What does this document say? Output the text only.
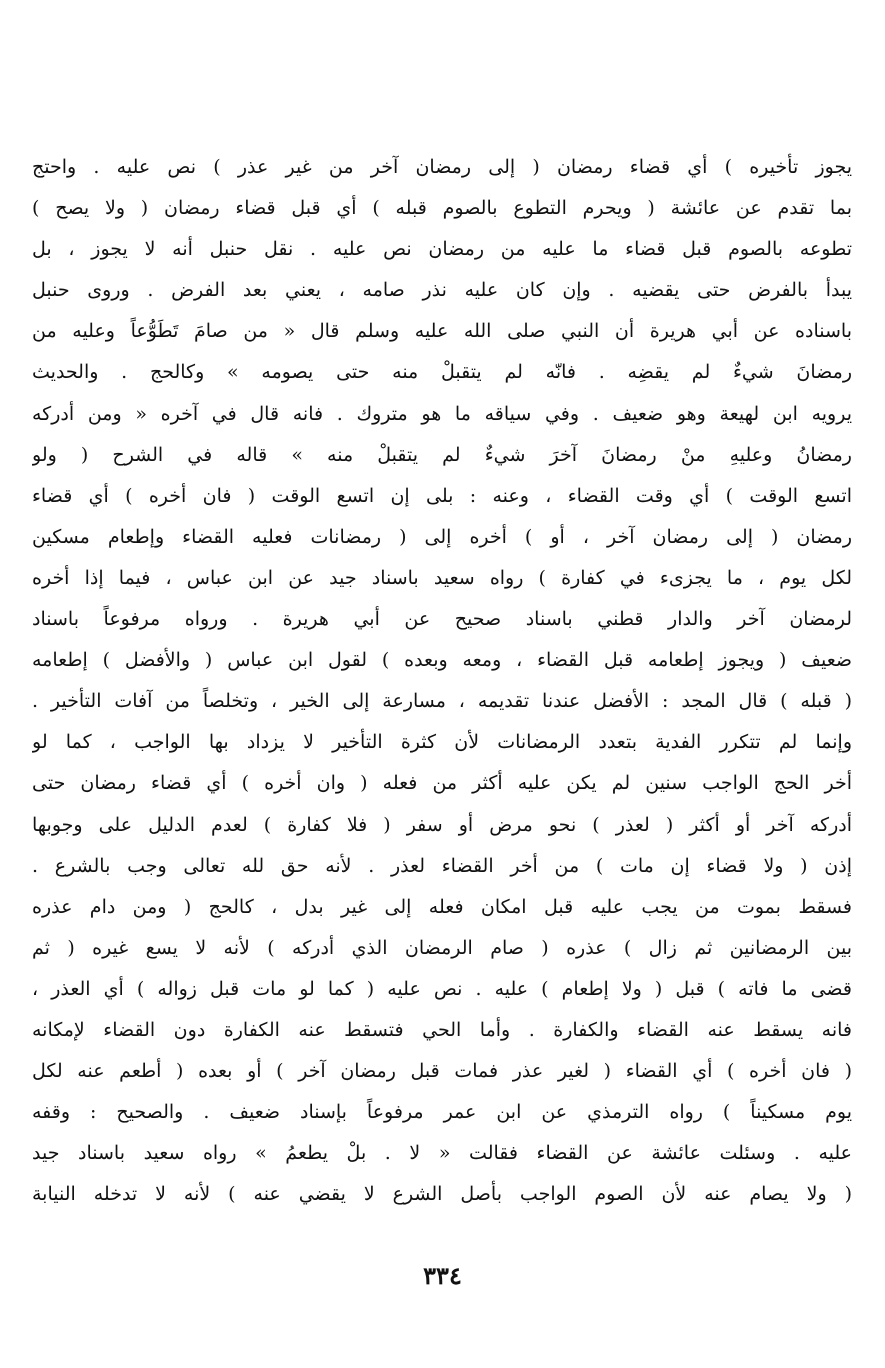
يجوز تأخيره ) أي قضاء رمضان ( إلى رمضان آخر من غير عذر ) نص عليه . واحتج
بما تقدم عن عائشة ( ويحرم التطوع بالصوم قبله ) أي قبل قضاء رمضان ( ولا يصح )
تطوعه بالصوم قبل قضاء ما عليه من رمضان نص عليه . نقل حنبل أنه لا يجوز ، بل
يبدأ بالفرض حتى يقضيه . وإن كان عليه نذر صامه ، يعني بعد الفرض . وروى حنبل
باسناده عن أبي هريرة أن النبي صلى الله عليه وسلم قال « من صامَ تَطَوُّعاً وعليه من
رمضانَ شيءٌ لم يقضِه . فانّه لم يتقبلْ منه حتى يصومه » وكالحج . والحديث
يرويه ابن لهيعة وهو ضعيف . وفي سياقه ما هو متروك . فانه قال في آخره « ومن أدركه
رمضانُ وعليهِ منْ رمضانَ آخرَ شيءٌ لم يتقبلْ منه » قاله في الشرح ( ولو
اتسع الوقت ) أي وقت القضاء ، وعنه : بلى إن اتسع الوقت ( فان أخره ) أي قضاء
رمضان ( إلى رمضان آخر ، أو ) أخره إلى ( رمضانات فعليه القضاء وإطعام مسكين
لكل يوم ، ما يجزىء في كفارة ) رواه سعيد باسناد جيد عن ابن عباس ، فيما إذا أخره
لرمضان آخر والدار قطني باسناد صحيح عن أبي هريرة . ورواه مرفوعاً باسناد
ضعيف ( ويجوز إطعامه قبل القضاء ، ومعه وبعده ) لقول ابن عباس ( والأفضل ) إطعامه
( قبله ) قال المجد : الأفضل عندنا تقديمه ، مسارعة إلى الخير ، وتخلصاً من آفات التأخير .
وإنما لم تتكرر الفدية بتعدد الرمضانات لأن كثرة التأخير لا يزداد بها الواجب ، كما لو
أخر الحج الواجب سنين لم يكن عليه أكثر من فعله ( وان أخره ) أي قضاء رمضان حتى
أدركه آخر أو أكثر ( لعذر ) نحو مرض أو سفر ( فلا كفارة ) لعدم الدليل على وجوبها
إذن ( ولا قضاء إن مات ) من أخر القضاء لعذر . لأنه حق لله تعالى وجب بالشرع .
فسقط بموت من يجب عليه قبل امكان فعله إلى غير بدل ، كالحج ( ومن دام عذره
بين الرمضانين ثم زال ) عذره ( صام الرمضان الذي أدركه ) لأنه لا يسع غيره ( ثم
قضى ما فاته ) قبل ( ولا إطعام ) عليه . نص عليه ( كما لو مات قبل زواله ) أي العذر ،
فانه يسقط عنه القضاء والكفارة . وأما الحي فتسقط عنه الكفارة دون القضاء لإمكانه
( فان أخره ) أي القضاء ( لغير عذر فمات قبل رمضان آخر ) أو بعده ( أطعم عنه لكل
يوم مسكيناً ) رواه الترمذي عن ابن عمر مرفوعاً بإسناد ضعيف . والصحيح : وقفه
عليه . وسئلت عائشة عن القضاء فقالت « لا . بلْ يطعمُ » رواه سعيد باسناد جيد
( ولا يصام عنه لأن الصوم الواجب بأصل الشرع لا يقضي عنه ) لأنه لا تدخله النيابة
٣٣٤
